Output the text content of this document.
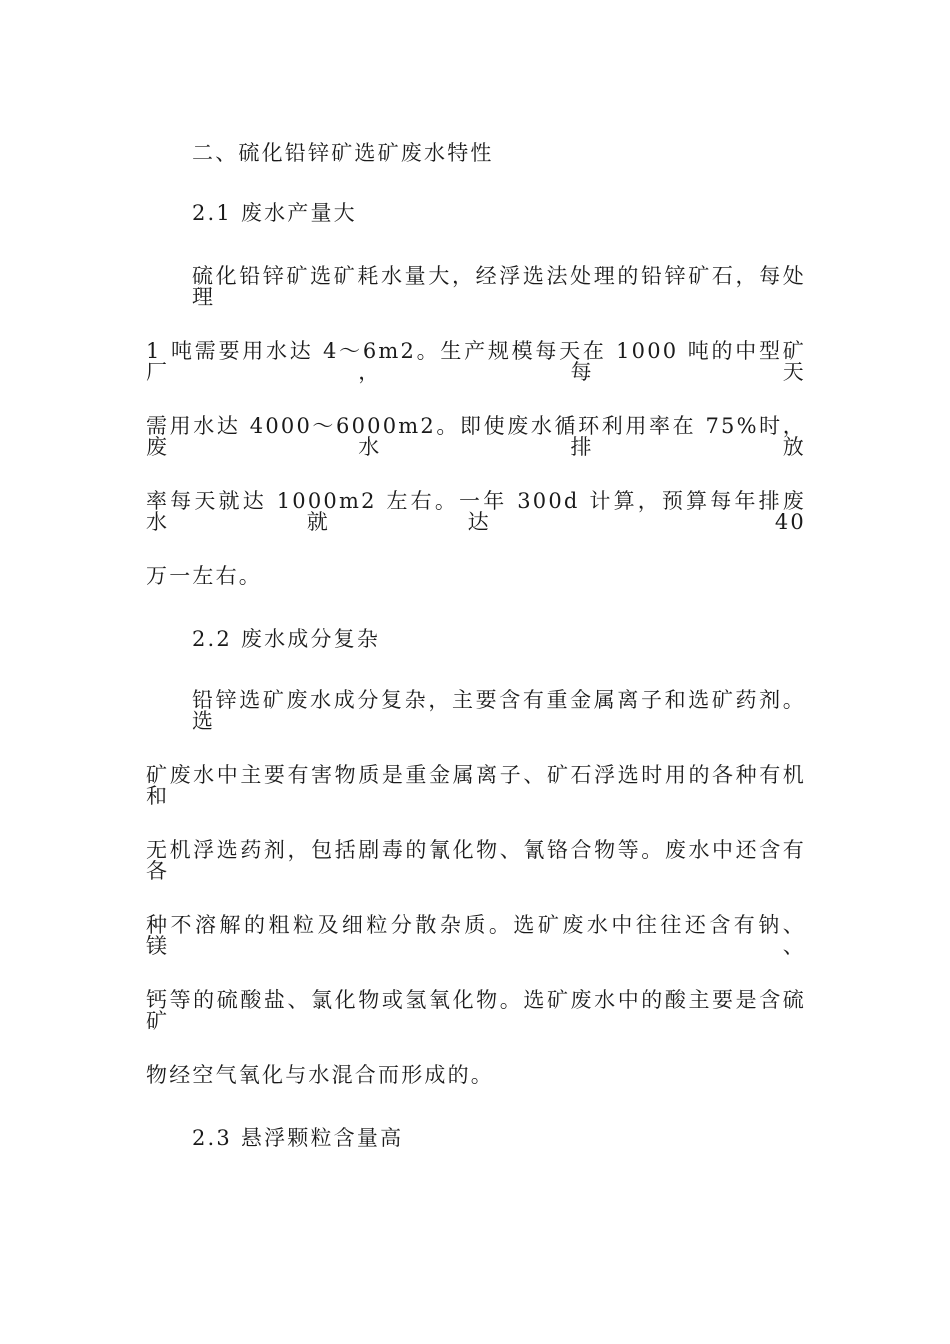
二、硫化铅锌矿选矿废水特性
2.1 废水产量大
硫化铅锌矿选矿耗水量大，经浮选法处理的铅锌矿石，每处理
1 吨需要用水达 4～6m2。生产规模每天在 1000 吨的中型矿厂，每天
需用水达 4000～6000m2。即使废水循环利用率在 75%时，废水排放
率每天就达 1000m2 左右。一年 300d 计算，预算每年排废水就达 40
万一左右。
2.2 废水成分复杂
铅锌选矿废水成分复杂，主要含有重金属离子和选矿药剂。选
矿废水中主要有害物质是重金属离子、矿石浮选时用的各种有机和
无机浮选药剂，包括剧毒的氰化物、氰铬合物等。废水中还含有各
种不溶解的粗粒及细粒分散杂质。选矿废水中往往还含有钠、镁、
钙等的硫酸盐、氯化物或氢氧化物。选矿废水中的酸主要是含硫矿
物经空气氧化与水混合而形成的。
2.3 悬浮颗粒含量高
